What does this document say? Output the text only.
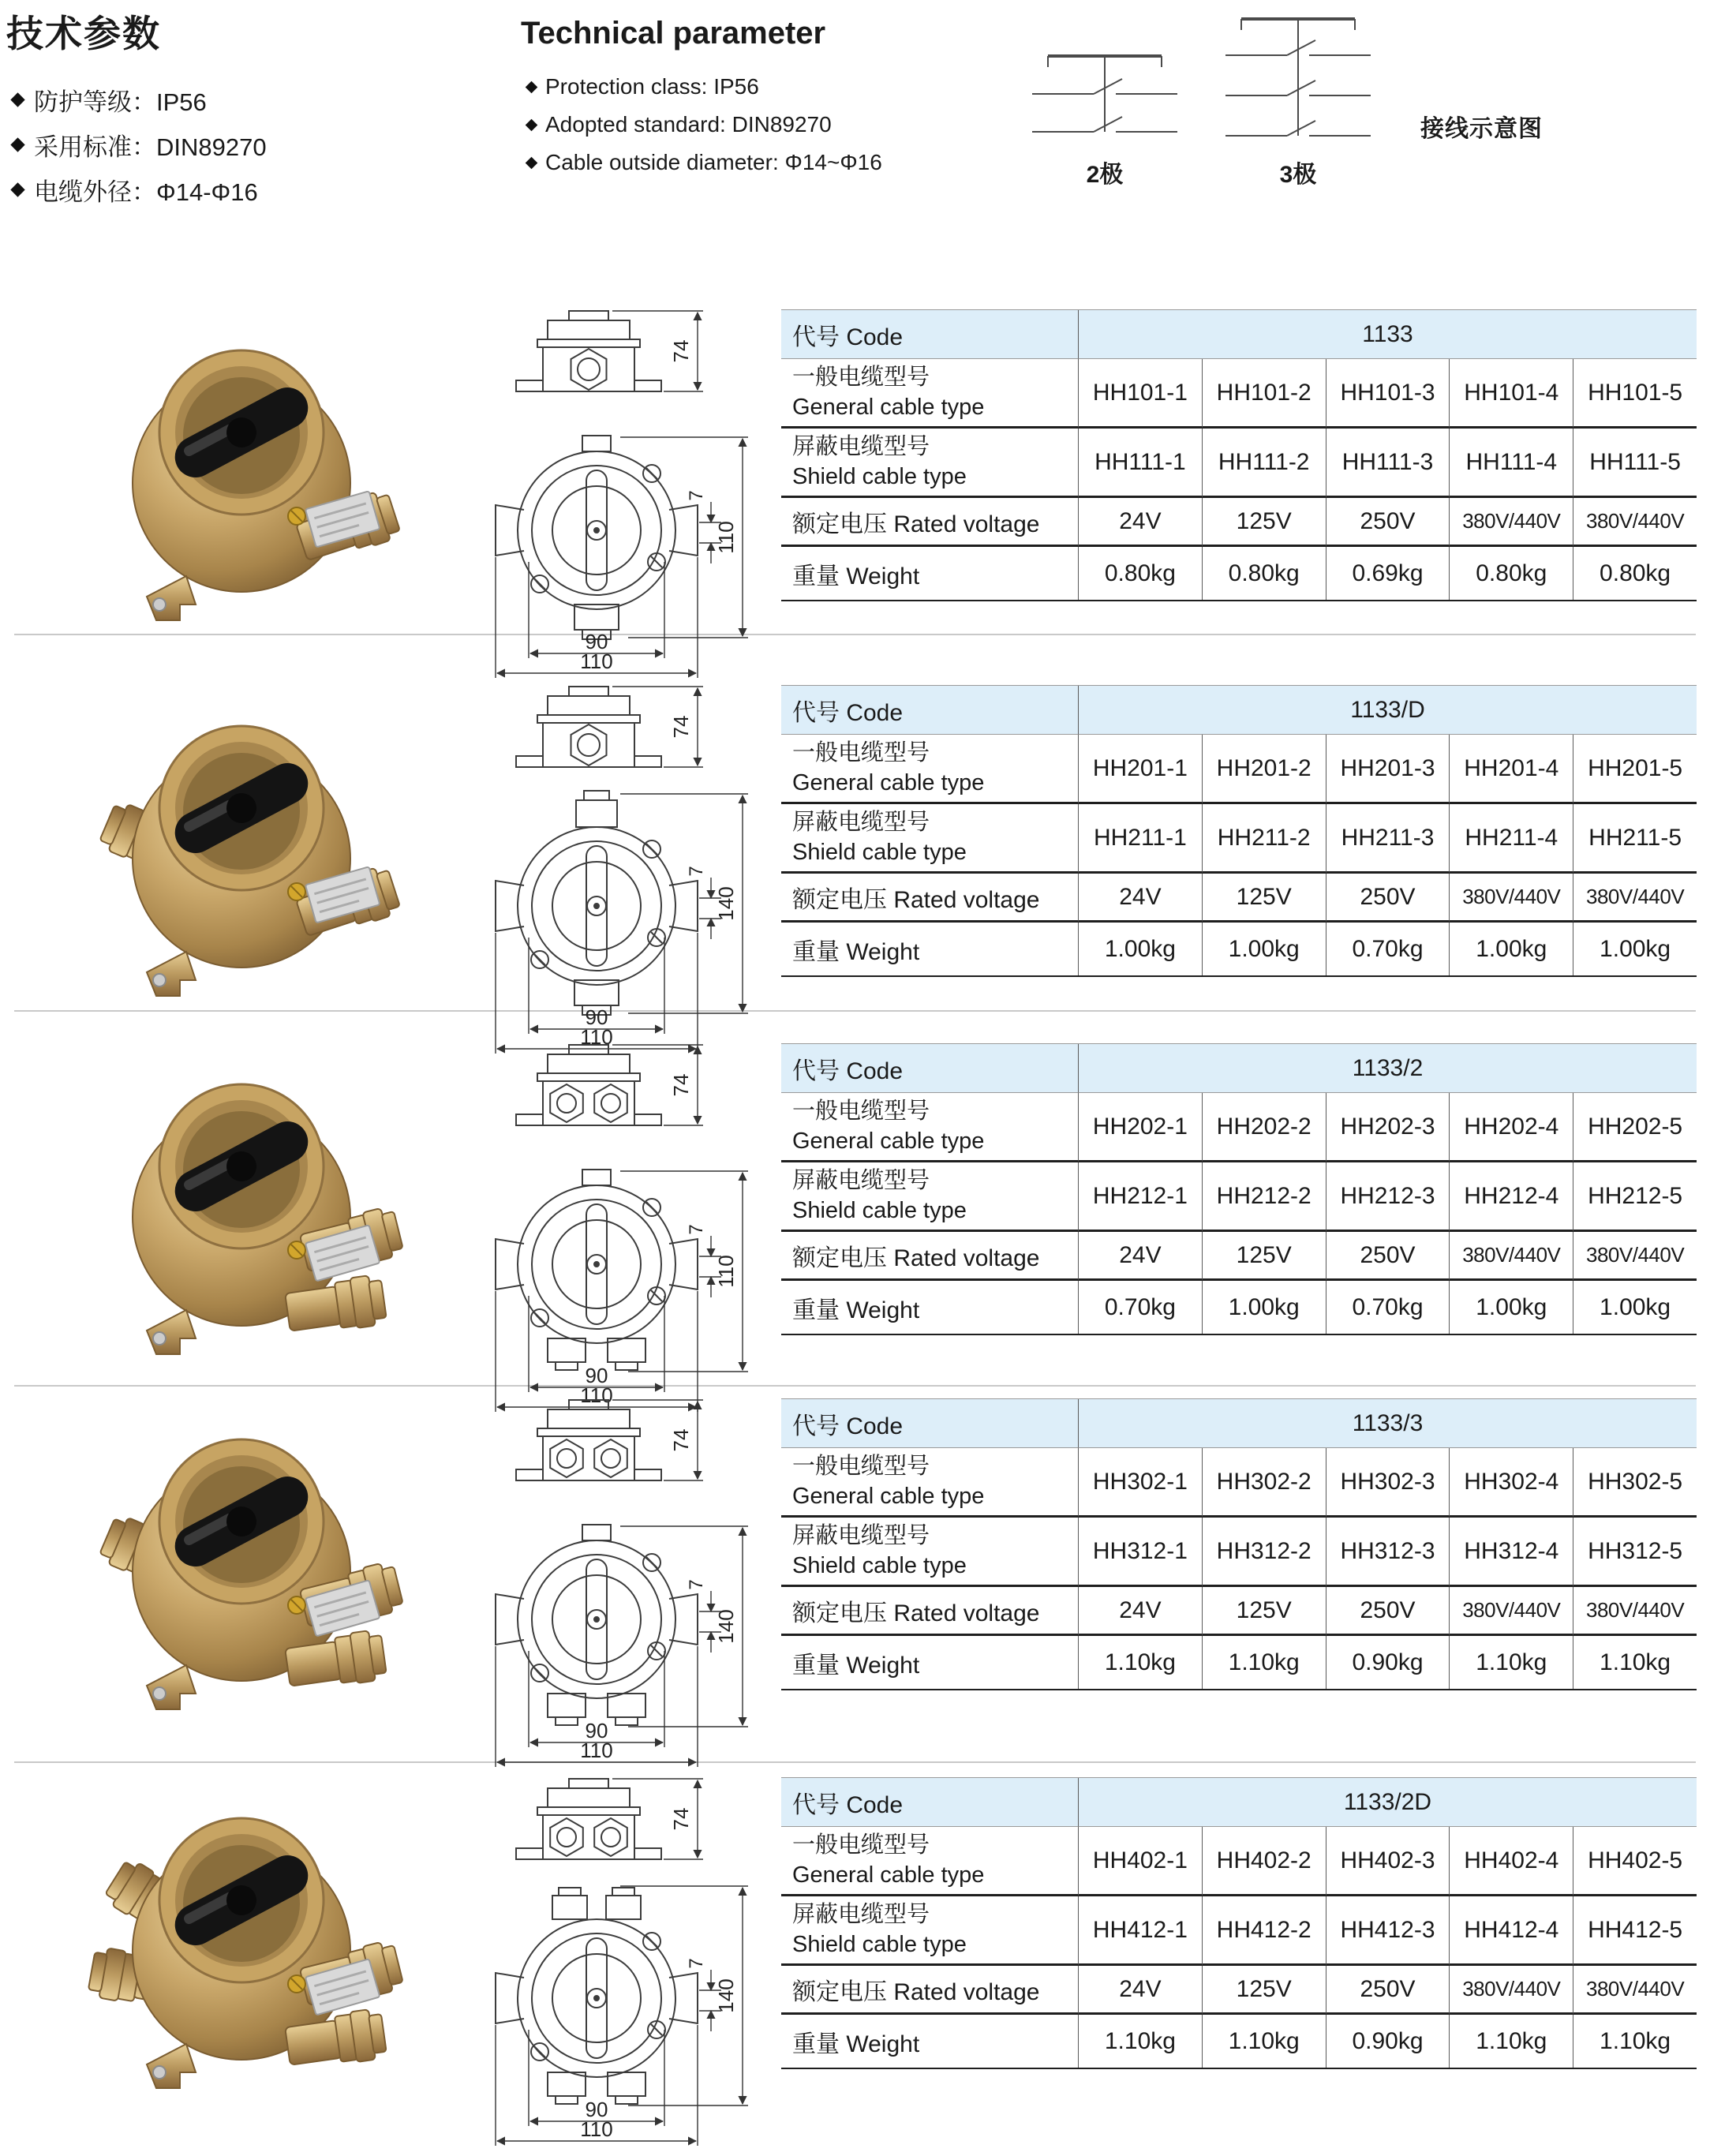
技术参数
防护等级：IP56
采用标准：DIN89270
电缆外径：Φ14-Φ16
Technical parameter
Protection class: IP56
Adopted standard: DIN89270
Cable outside diameter: Φ14~Φ16	2极	3极
接线示意图
74
110
7
90
110
代号 Code	1133
一般电缆型号
General cable type
HH101-1	HH101-2	HH101-3	HH101-4	HH101-5
屏蔽电缆型号
Shield cable type
HH111-1	HH111-2	HH111-3	HH111-4	HH111-5
额定电压 Rated voltage	24V	125V	250V	380V/440V	380V/440V
重量 Weight	0.80kg	0.80kg	0.69kg	0.80kg	0.80kg
74
140
7
90
110
代号 Code	1133/D
一般电缆型号
General cable type
HH201-1	HH201-2	HH201-3	HH201-4	HH201-5
屏蔽电缆型号
Shield cable type
HH211-1	HH211-2	HH211-3	HH211-4	HH211-5
额定电压 Rated voltage	24V	125V	250V	380V/440V	380V/440V
重量 Weight	1.00kg	1.00kg	0.70kg	1.00kg	1.00kg
74
110
7
90
110
代号 Code	1133/2
一般电缆型号
General cable type
HH202-1	HH202-2	HH202-3	HH202-4	HH202-5
屏蔽电缆型号
Shield cable type
HH212-1	HH212-2	HH212-3	HH212-4	HH212-5
额定电压 Rated voltage	24V	125V	250V	380V/440V	380V/440V
重量 Weight	0.70kg	1.00kg	0.70kg	1.00kg	1.00kg
74
140
7
90
110
代号 Code	1133/3
一般电缆型号
General cable type
HH302-1	HH302-2	HH302-3	HH302-4	HH302-5
屏蔽电缆型号
Shield cable type
HH312-1	HH312-2	HH312-3	HH312-4	HH312-5
额定电压 Rated voltage	24V	125V	250V	380V/440V	380V/440V
重量 Weight	1.10kg	1.10kg	0.90kg	1.10kg	1.10kg
74
140
7
90
110
代号 Code	1133/2D
一般电缆型号
General cable type
HH402-1	HH402-2	HH402-3	HH402-4	HH402-5
屏蔽电缆型号
Shield cable type
HH412-1	HH412-2	HH412-3	HH412-4	HH412-5
额定电压 Rated voltage	24V	125V	250V	380V/440V	380V/440V
重量 Weight	1.10kg	1.10kg	0.90kg	1.10kg	1.10kg
